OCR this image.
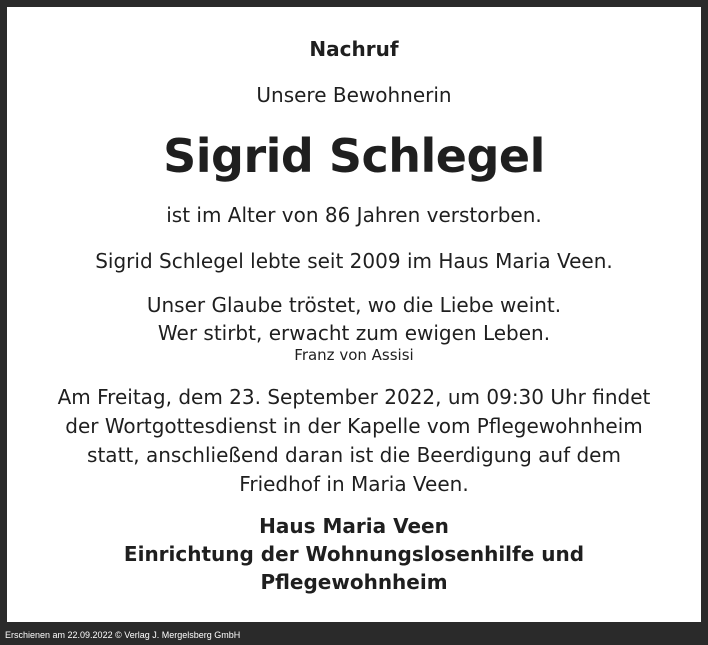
Nachruf
Unsere Bewohnerin
Sigrid Schlegel
ist im Alter von 86 Jahren verstorben.
Sigrid Schlegel lebte seit 2009 im Haus Maria Veen.
Unser Glaube tröstet, wo die Liebe weint.
Wer stirbt, erwacht zum ewigen Leben.
Franz von Assisi
Am Freitag, dem 23. September 2022, um 09:30 Uhr findet
der Wortgottesdienst in der Kapelle vom Pflegewohnheim
statt, anschließend daran ist die Beerdigung auf dem
Friedhof in Maria Veen.
Haus Maria Veen
Einrichtung der Wohnungslosenhilfe und
Pflegewohnheim
Erschienen am 22.09.2022 © Verlag J. Mergelsberg GmbH
